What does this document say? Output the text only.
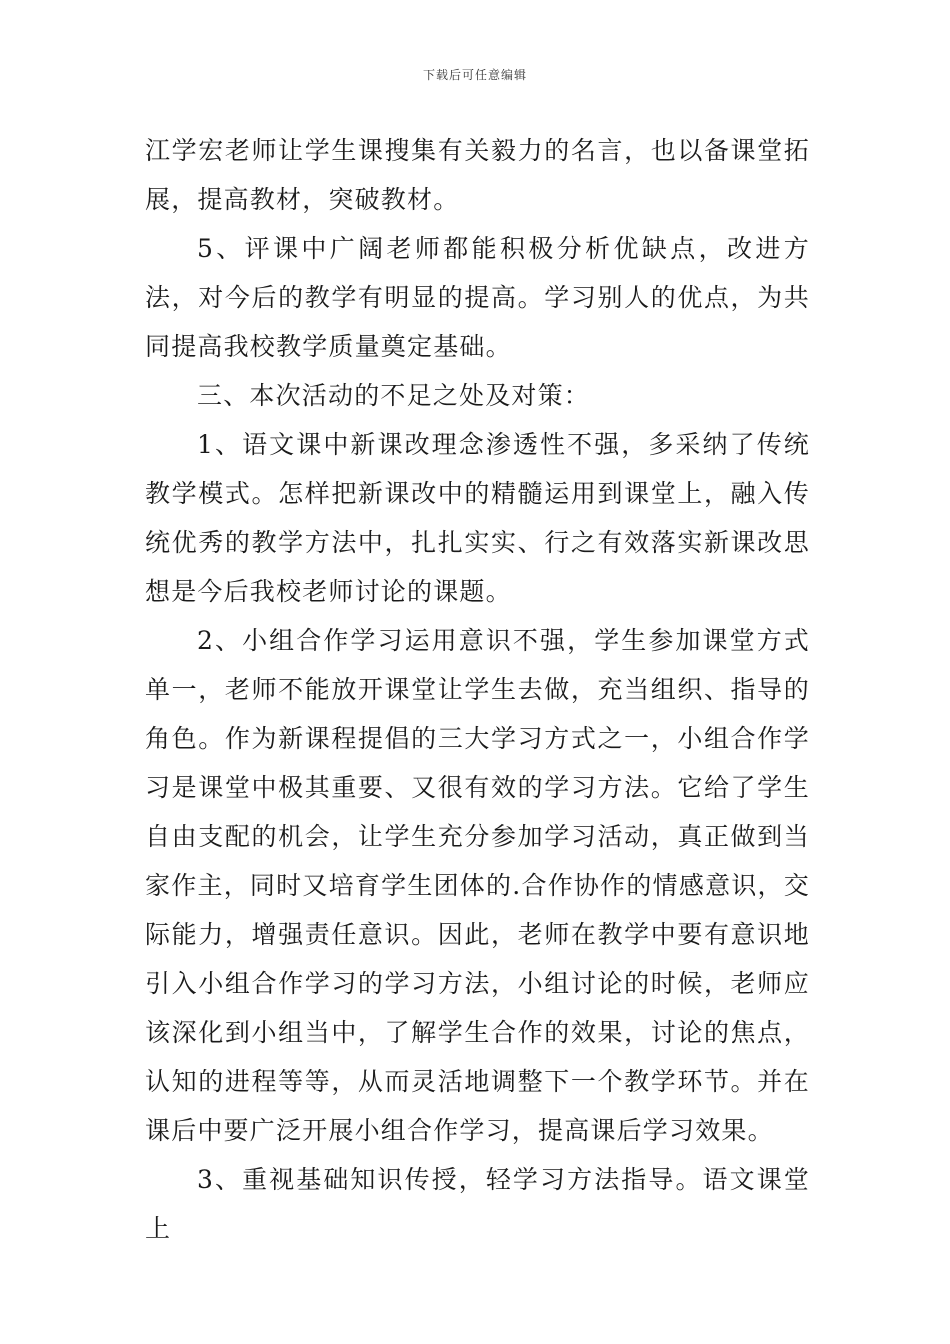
下载后可任意编辑

江学宏老师让学生课搜集有关毅力的名言，也以备课堂拓展，提高教材，突破教材。

5、评课中广阔老师都能积极分析优缺点，改进方法，对今后的教学有明显的提高。学习别人的优点，为共同提高我校教学质量奠定基础。

三、本次活动的不足之处及对策：

1、语文课中新课改理念渗透性不强，多采纳了传统教学模式。怎样把新课改中的精髓运用到课堂上，融入传统优秀的教学方法中，扎扎实实、行之有效落实新课改思想是今后我校老师讨论的课题。

2、小组合作学习运用意识不强，学生参加课堂方式单一，老师不能放开课堂让学生去做，充当组织、指导的角色。作为新课程提倡的三大学习方式之一，小组合作学习是课堂中极其重要、又很有效的学习方法。它给了学生自由支配的机会，让学生充分参加学习活动，真正做到当家作主，同时又培育学生团体的.合作协作的情感意识，交际能力，增强责任意识。因此，老师在教学中要有意识地引入小组合作学习的学习方法，小组讨论的时候，老师应该深化到小组当中，了解学生合作的效果，讨论的焦点，认知的进程等等，从而灵活地调整下一个教学环节。并在课后中要广泛开展小组合作学习，提高课后学习效果。

3、重视基础知识传授，轻学习方法指导。语文课堂上
